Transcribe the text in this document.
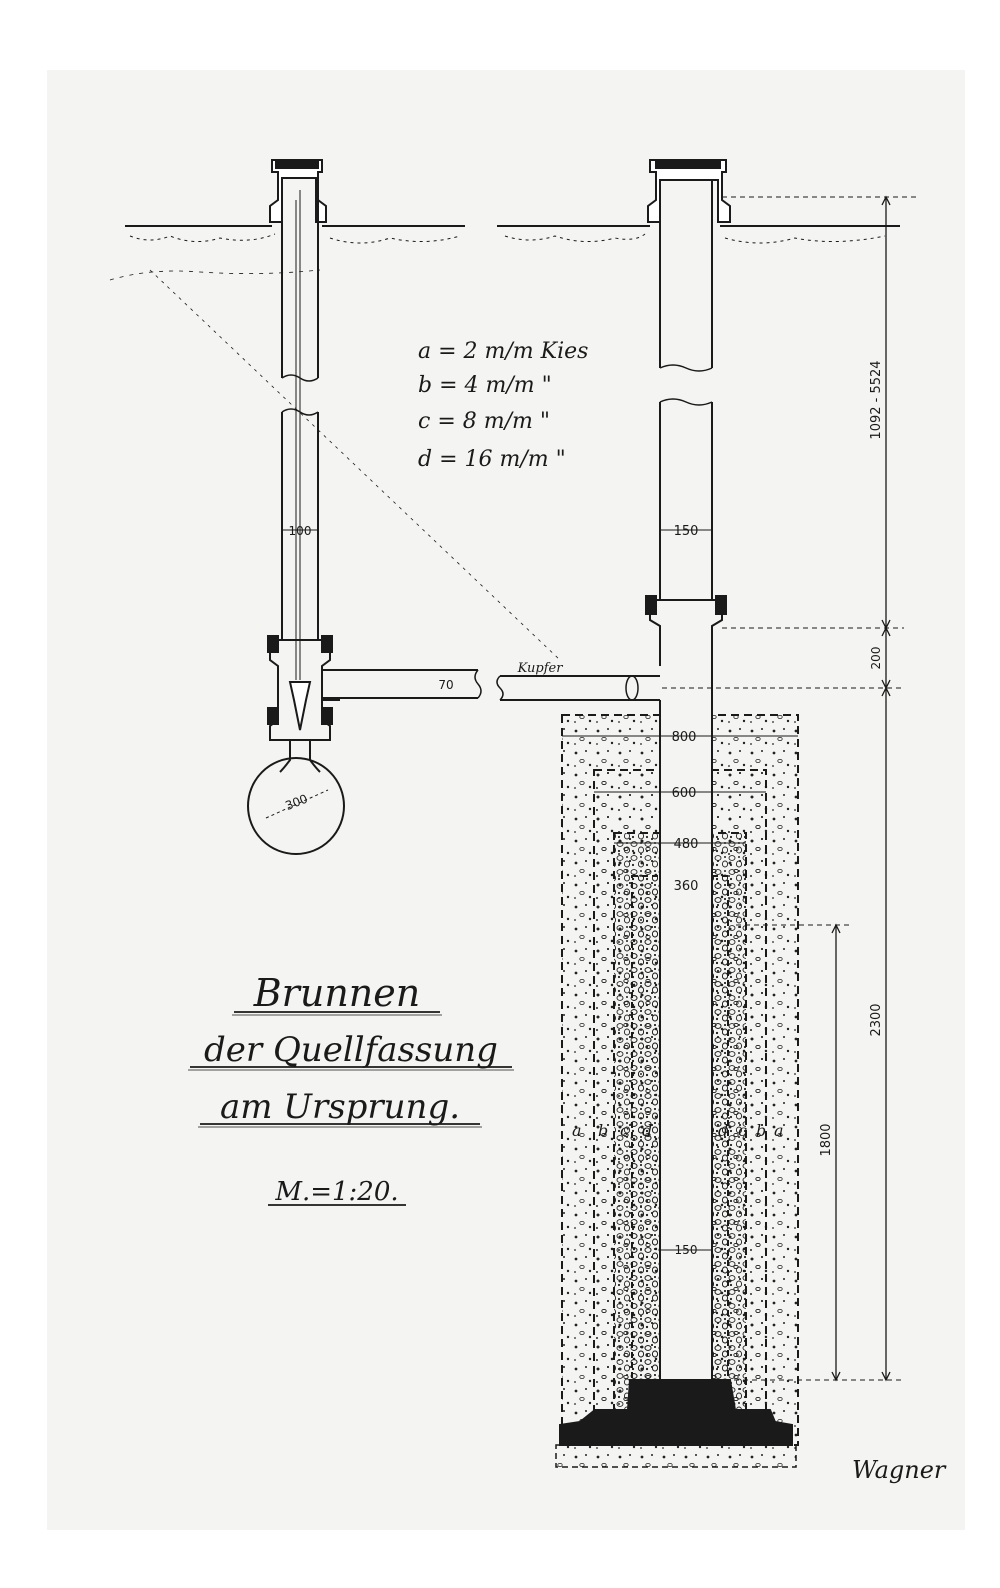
a = 2 m/m Kies
b = 4 m/m "
c = 8 m/m "
d = 16 m/m "
Brunnen
der Quellfassung
am Ursprung.
M.=1:20.
100
300
70
150
Kupfer
800
600
480
360
150
1092 - 5524
200
2300
1800
a b c d	d c b a
Wagner
